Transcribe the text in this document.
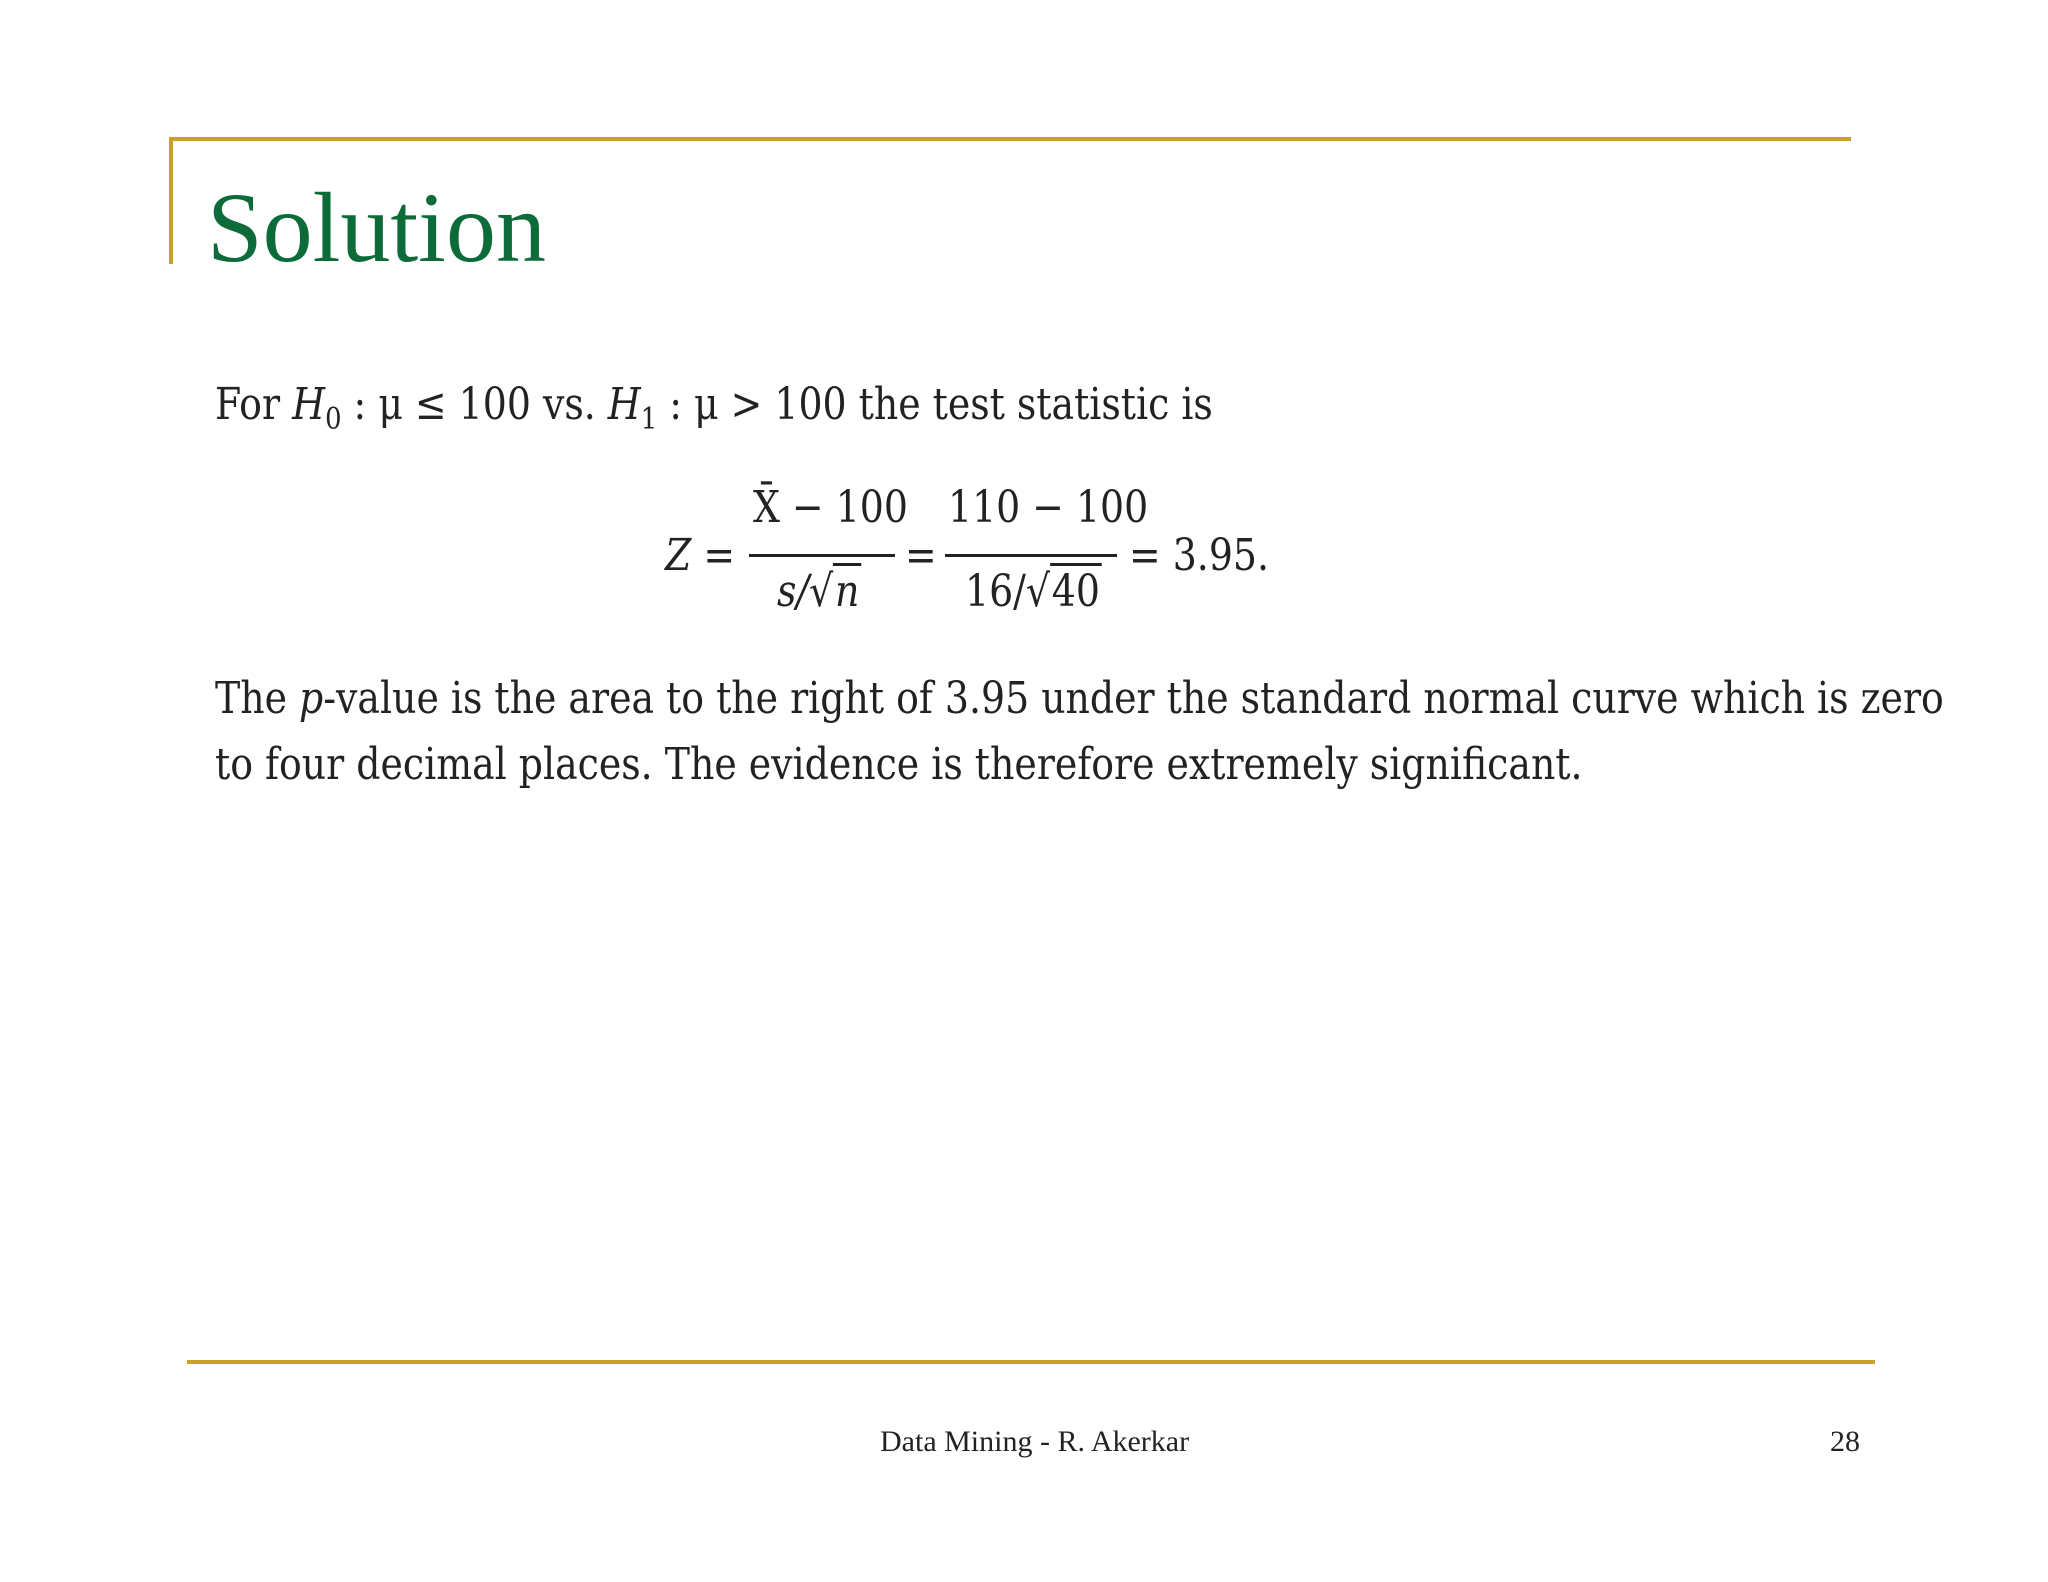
Solution
For $H_0$ : μ ≤ 100 vs. $H_1$ : μ > 100 the test statistic is
Z =
X̄ − 100
s/√n
=
110 − 100
16/√40
= 3.95.
The p-value is the area to the right of 3.95 under the standard normal curve which is zero
to four decimal places. The evidence is therefore extremely significant.
Data Mining - R. Akerkar	28
